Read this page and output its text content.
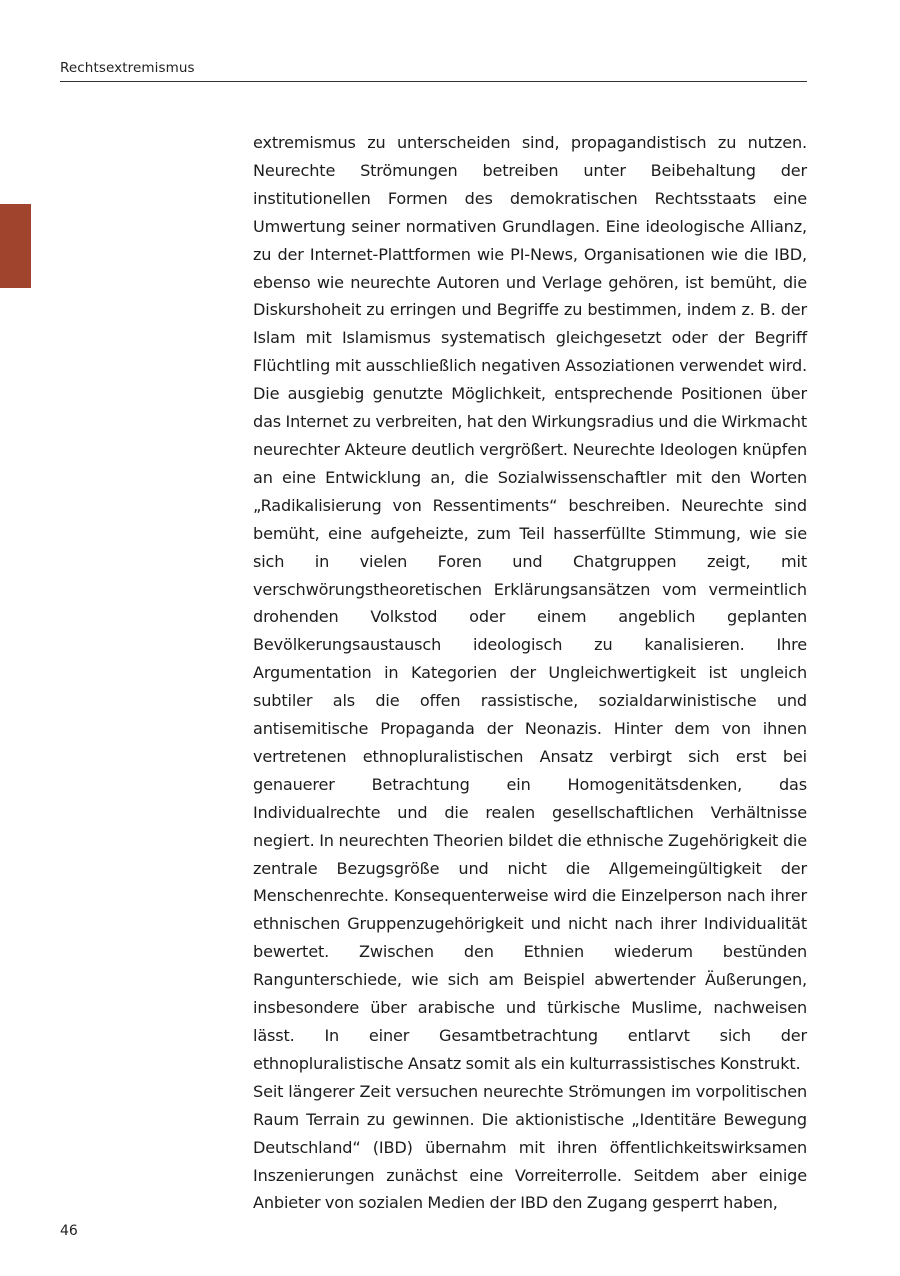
Rechtsextremismus

extremismus zu unterscheiden sind, propagandistisch zu nutzen. Neurechte Strömungen betreiben unter Beibehaltung der institutionellen Formen des demokratischen Rechtsstaats eine Umwertung seiner normativen Grundlagen. Eine ideologische Allianz, zu der Internet-Plattformen wie PI-News, Organisationen wie die IBD, ebenso wie neurechte Autoren und Verlage gehören, ist bemüht, die Diskurshoheit zu erringen und Begriffe zu bestimmen, indem z. B. der Islam mit Islamismus systematisch gleichgesetzt oder der Begriff Flüchtling mit ausschließlich negativen Assoziationen verwendet wird. Die ausgiebig genutzte Möglichkeit, entsprechende Positionen über das Internet zu verbreiten, hat den Wirkungsradius und die Wirkmacht neurechter Akteure deutlich vergrößert. Neurechte Ideologen knüpfen an eine Entwicklung an, die Sozialwissenschaftler mit den Worten „Radikalisierung von Ressentiments“ beschreiben. Neurechte sind bemüht, eine aufgeheizte, zum Teil hasserfüllte Stimmung, wie sie sich in vielen Foren und Chatgruppen zeigt, mit verschwörungstheoretischen Erklärungsansätzen vom vermeintlich drohenden Volkstod oder einem angeblich geplanten Bevölkerungsaustausch ideologisch zu kanalisieren. Ihre Argumentation in Kategorien der Ungleichwertigkeit ist ungleich subtiler als die offen rassistische, sozialdarwinistische und antisemitische Propaganda der Neonazis. Hinter dem von ihnen vertretenen ethnopluralistischen Ansatz verbirgt sich erst bei genauerer Betrachtung ein Homogenitätsdenken, das Individualrechte und die realen gesellschaftlichen Verhältnisse negiert. In neurechten Theorien bildet die ethnische Zugehörigkeit die zentrale Bezugsgröße und nicht die Allgemeingültigkeit der Menschenrechte. Konsequenterweise wird die Einzelperson nach ihrer ethnischen Gruppenzugehörigkeit und nicht nach ihrer Individualität bewertet. Zwischen den Ethnien wiederum bestünden Rangunterschiede, wie sich am Beispiel abwertender Äußerungen, insbesondere über arabische und türkische Muslime, nachweisen lässt. In einer Gesamtbetrachtung entlarvt sich der ethnopluralistische Ansatz somit als ein kulturrassistisches Konstrukt.

Seit längerer Zeit versuchen neurechte Strömungen im vorpolitischen Raum Terrain zu gewinnen. Die aktionistische „Identitäre Bewegung Deutschland“ (IBD) übernahm mit ihren öffentlichkeitswirksamen Inszenierungen zunächst eine Vorreiterrolle. Seitdem aber einige Anbieter von sozialen Medien der IBD den Zugang gesperrt haben,

46
